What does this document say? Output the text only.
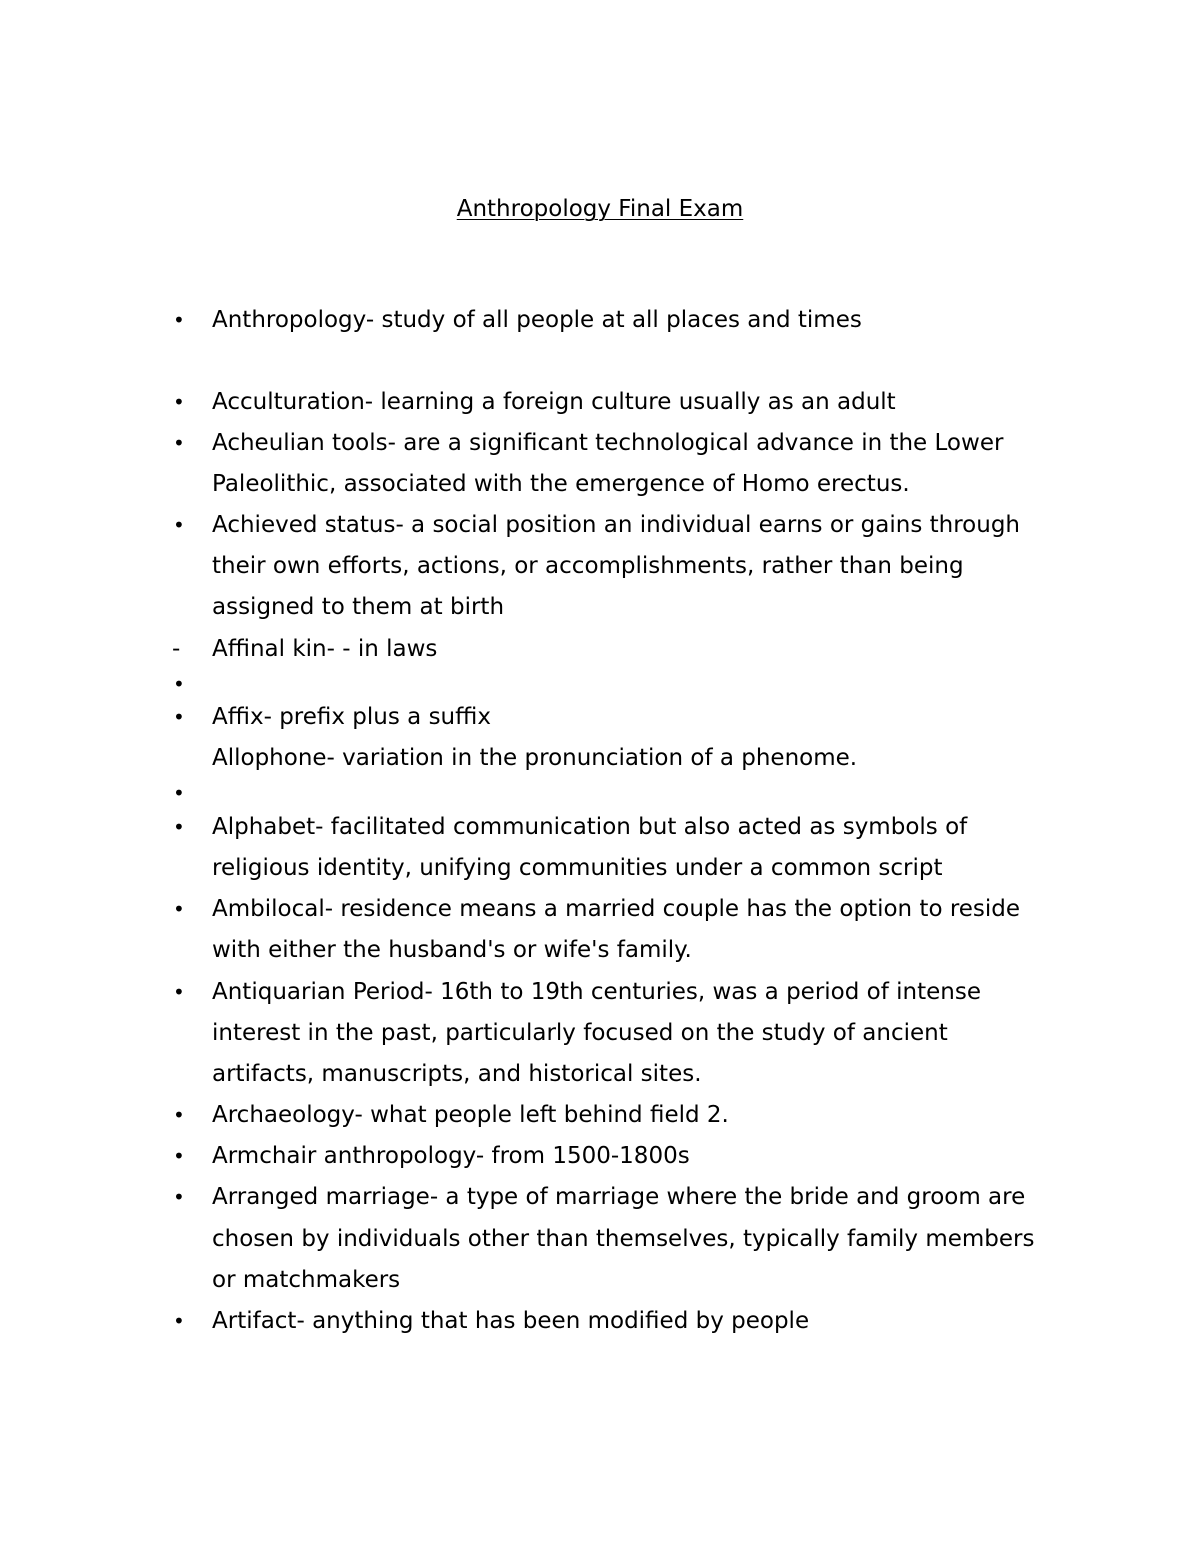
Anthropology Final Exam
•	Anthropology- study of all people at all places and times
•	Acculturation- learning a foreign culture usually as an adult
•	Acheulian tools- are a significant technological advance in the Lower
Paleolithic, associated with the emergence of Homo erectus.
•	Achieved status- a social position an individual earns or gains through
their own efforts, actions, or accomplishments, rather than being
assigned to them at birth
-	Affinal kin- - in laws
•
•	Affix- prefix plus a suffix
Allophone- variation in the pronunciation of a phenome.
•
•	Alphabet- facilitated communication but also acted as symbols of
religious identity, unifying communities under a common script
•	Ambilocal- residence means a married couple has the option to reside
with either the husband's or wife's family.
•	Antiquarian Period- 16th to 19th centuries, was a period of intense
interest in the past, particularly focused on the study of ancient
artifacts, manuscripts, and historical sites.
•	Archaeology- what people left behind field 2.
•	Armchair anthropology- from 1500-1800s
•	Arranged marriage- a type of marriage where the bride and groom are
chosen by individuals other than themselves, typically family members
or matchmakers
•	Artifact- anything that has been modified by people
